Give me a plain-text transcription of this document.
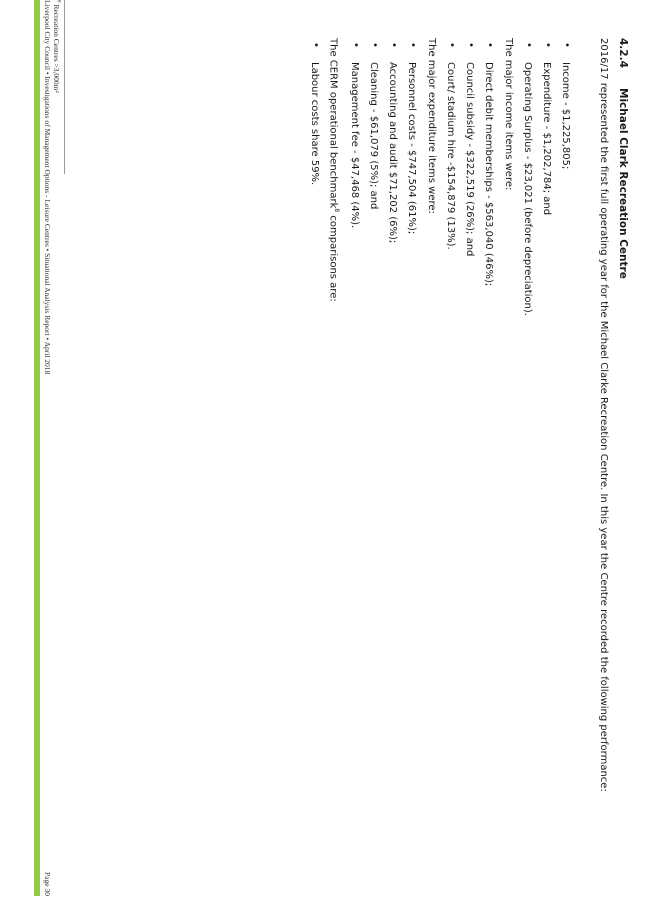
4.2.4Michael Clark Recreation Centre
2016/17 represented the first full operating year for the Michael Clarke Recreation Centre. In this year the Centre recorded the following performance:
•
Income - $1,225,805;
•
Expenditure - $1,202,784; and
•
Operating Surplus - $23,021 (before depreciation).
The major income items were:
•
Direct debit memberships - $563,040 (46%);
•
Council subsidy - $322,519 (26%); and
•
Court/ stadium hire -$154,879 (13%).
The major expenditure items were:
•
Personnel costs - $747,504 (61%);
•
Accounting and audit $71,202 (6%);
•
Cleaning - $61,079 (5%); and
•
Management fee - $47,468 (4%).
The CERM operational benchmark$^8$ comparisons are:
•
Labour costs share 59%.
$^8$ Recreation Centres >3,000m²
Liverpool City Council • Investigations of Management Options - Leisure Centres • Situational Analysis Report • April 2018
Page 30
